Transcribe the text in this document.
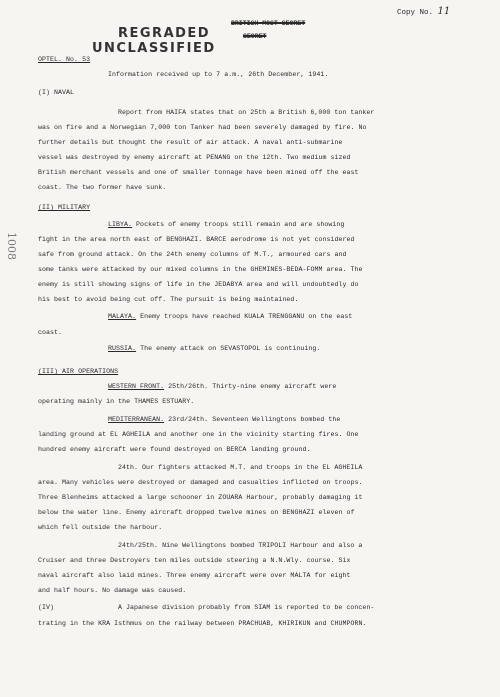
Copy No. 11
BRITISH MOST SECRET
SECRET
REGRADED
UNCLASSIFIED
1008
OPTEL. No. 53
Information received up to 7 a.m., 26th December, 1941.
(I) NAVAL
Report from HAIFA states that on 25th a British 6,000 ton tanker
was on fire and a Norwegian 7,000 ton Tanker had been severely damaged by fire. No
further details but thought the result of air attack. A naval anti-submarine
vessel was destroyed by enemy aircraft at PENANG on the 12th. Two medium sized
British merchant vessels and one of smaller tonnage have been mined off the east
coast. The two former have sunk.
(II) MILITARY
LIBYA. Pockets of enemy troops still remain and are showing
fight in the area north east of BENGHAZI. BARCE aerodrome is not yet considered
safe from ground attack. On the 24th enemy columns of M.T., armoured cars and
some tanks were attacked by our mixed columns in the GHEMINES-BEDA-FOMM area. The
enemy is still showing signs of life in the JEDABYA area and will undoubtedly do
his best to avoid being cut off. The pursuit is being maintained.
MALAYA. Enemy troops have reached KUALA TRENGGANU on the east
coast.
RUSSIA. The enemy attack on SEVASTOPOL is continuing.
(III) AIR OPERATIONS
WESTERN FRONT. 25th/26th. Thirty-nine enemy aircraft were
operating mainly in the THAMES ESTUARY.
MEDITERRANEAN. 23rd/24th. Seventeen Wellingtons bombed the
landing ground at EL AGHEILA and another one in the vicinity starting fires. One
hundred enemy aircraft were found destroyed on BERCA landing ground.
24th. Our fighters attacked M.T. and troops in the EL AGHEILA
area. Many vehicles were destroyed or damaged and casualties inflicted on troops.
Three Blenheims attacked a large schooner in ZOUARA Harbour, probably damaging it
below the water line. Enemy aircraft dropped twelve mines on BENGHAZI eleven of
which fell outside the harbour.
24th/25th. Nine Wellingtons bombed TRIPOLI Harbour and also a
Cruiser and three Destroyers ten miles outside steering a N.N.Wly. course. Six
naval aircraft also laid mines. Three enemy aircraft were over MALTA for eight
and half hours. No damage was caused.
(IV)	A Japanese division probably from SIAM is reported to be concen-
trating in the KRA Isthmus on the railway between PRACHUAB, KHIRIKUN and CHUMPORN.
